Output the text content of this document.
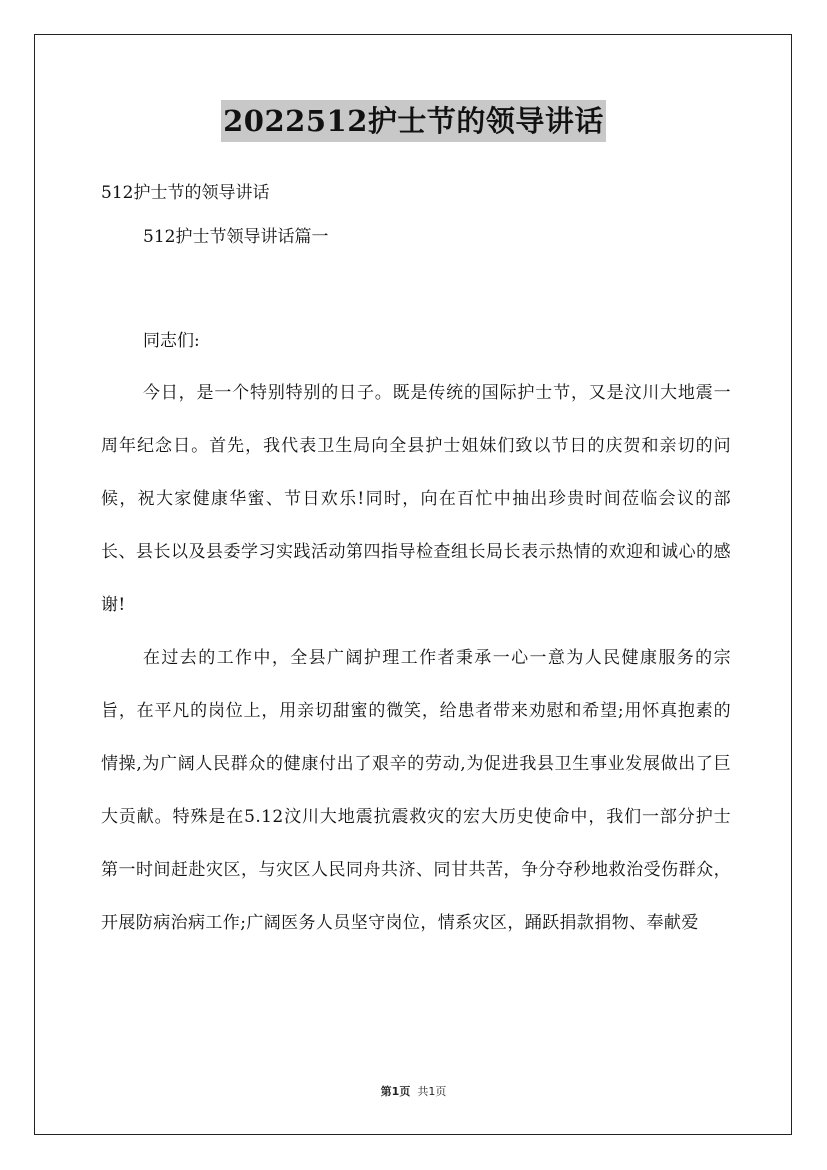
2022512护士节的领导讲话

512护士节的领导讲话

512护士节领导讲话篇一

同志们:

今日，是一个特别特别的日子。既是传统的国际护士节，又是汶川大地震一周年纪念日。首先，我代表卫生局向全县护士姐妹们致以节日的庆贺和亲切的问候，祝大家健康华蜜、节日欢乐!同时，向在百忙中抽出珍贵时间莅临会议的部长、县长以及县委学习实践活动第四指导检查组长局长表示热情的欢迎和诚心的感谢!

在过去的工作中，全县广阔护理工作者秉承一心一意为人民健康服务的宗旨，在平凡的岗位上，用亲切甜蜜的微笑，给患者带来劝慰和希望;用怀真抱素的情操,为广阔人民群众的健康付出了艰辛的劳动,为促进我县卫生事业发展做出了巨大贡献。特殊是在5.12汶川大地震抗震救灾的宏大历史使命中，我们一部分护士第一时间赶赴灾区，与灾区人民同舟共济、同甘共苦，争分夺秒地救治受伤群众，开展防病治病工作;广阔医务人员坚守岗位，情系灾区，踊跃捐款捐物、奉献爱

第1页 共1页
